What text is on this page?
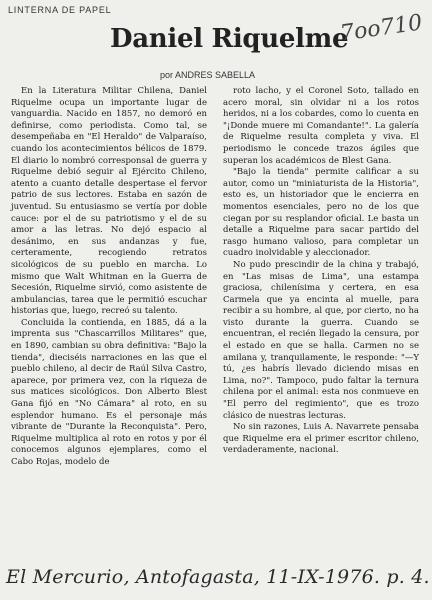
LINTERNA DE PAPEL
Daniel Riquelme
7oo710
por ANDRES SABELLA

En la Literatura Militar Chilena, Daniel Riquelme ocupa un importante lugar de vanguardia. Nacido en 1857, no demoró en definirse, como periodista. Como tal, se desempeñaba en "El Heraldo" de Valparaíso, cuando los acontecimientos bélicos de 1879. El diario lo nombró corresponsal de guerra y Riquelme debió seguir al Ejército Chileno, atento a cuanto detalle despertase el fervor patrio de sus lectores. Estaba en sazón de juventud. Su entusiasmo se vertía por doble cauce: por el de su patriotismo y el de su amor a las letras. No dejó espacio al desánimo, en sus andanzas y fue, certeramente, recogiendo retratos sicológicos de su pueblo en marcha. Lo mismo que Walt Whitman en la Guerra de Secesión, Riquelme sirvió, como asistente de ambulancias, tarea que le permitió escuchar historias que, luego, recreó su talento.

Concluida la contienda, en 1885, dá a la imprenta sus "Chascarrillos Militares" que, en 1890, cambian su obra definitiva: "Bajo la tienda", dieciséis narraciones en las que el pueblo chileno, al decir de Raúl Silva Castro, aparece, por primera vez, con la riqueza de sus matices sicológicos. Don Alberto Blest Gana fijó en "No Cámara" al roto, en su esplendor humano. Es el personaje más vibrante de "Durante la Reconquista". Pero, Riquelme multiplica al roto en rotos y por él conocemos algunos ejemplares, como el Cabo Rojas, modelo de

roto lacho, y el Coronel Soto, tallado en acero moral, sin olvidar ni a los rotos heridos, ni a los cobardes, como lo cuenta en "¡Donde muere mi Comandante!". La galería de Riquelme resulta completa y viva. El periodismo le concede trazos ágiles que superan los académicos de Blest Gana.

"Bajo la tienda" permite calificar a su autor, como un "miniaturista de la Historia", esto es, un historiador que le encierra en momentos esenciales, pero no de los que ciegan por su resplandor oficial. Le basta un detalle a Riquelme para sacar partido del rasgo humano valioso, para completar un cuadro inolvidable y aleccionador.

No pudo prescindir de la china y trabajó, en "Las misas de Lima", una estampa graciosa, chilenísima y certera, en esa Carmela que ya encinta al muelle, para recibir a su hombre, al que, por cierto, no ha visto durante la guerra. Cuando se encuentran, el recién llegado la censura, por el estado en que se halla. Carmen no se amilana y, tranquilamente, le responde: "—Y tú, ¿es habrís llevado diciendo misas en Lima, no?". Tampoco, pudo faltar la ternura chilena por el animal: esta nos conmueve en "El perro del regimiento", que es trozo clásico de nuestras lecturas.

No sin razones, Luis A. Navarrete pensaba que Riquelme era el primer escritor chileno, verdaderamente, nacional.

El Mercurio, Antofagasta, 11-IX-1976. p. 4.
